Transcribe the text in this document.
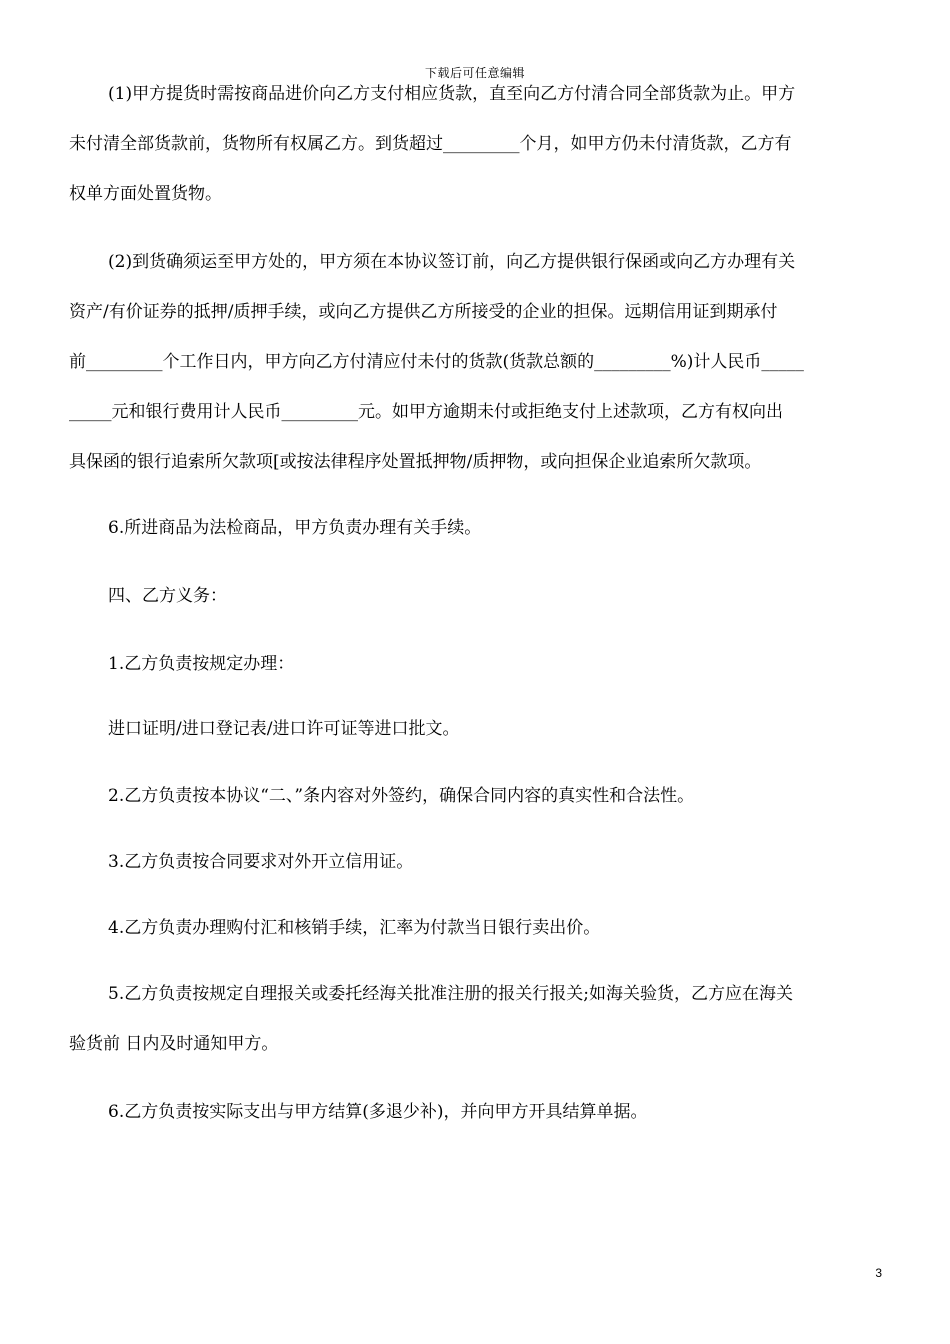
下载后可任意编辑
(1)甲方提货时需按商品进价向乙方支付相应货款，直至向乙方付清合同全部货款为止。甲方
未付清全部货款前，货物所有权属乙方。到货超过_________个月，如甲方仍未付清货款，乙方有
权单方面处置货物。
(2)到货确须运至甲方处的，甲方须在本协议签订前，向乙方提供银行保函或向乙方办理有关
资产/有价证券的抵押/质押手续，或向乙方提供乙方所接受的企业的担保。远期信用证到期承付
前_________个工作日内，甲方向乙方付清应付未付的货款(货款总额的_________%)计人民币_____
_____元和银行费用计人民币_________元。如甲方逾期未付或拒绝支付上述款项，乙方有权向出
具保函的银行追索所欠款项[或按法律程序处置抵押物/质押物，或向担保企业追索所欠款项。
6.所进商品为法检商品，甲方负责办理有关手续。
四、乙方义务：
1.乙方负责按规定办理：
进口证明/进口登记表/进口许可证等进口批文。
2.乙方负责按本协议“二、”条内容对外签约，确保合同内容的真实性和合法性。
3.乙方负责按合同要求对外开立信用证。
4.乙方负责办理购付汇和核销手续，汇率为付款当日银行卖出价。
5.乙方负责按规定自理报关或委托经海关批准注册的报关行报关;如海关验货，乙方应在海关
验货前 日内及时通知甲方。
6.乙方负责按实际支出与甲方结算(多退少补)，并向甲方开具结算单据。
3
